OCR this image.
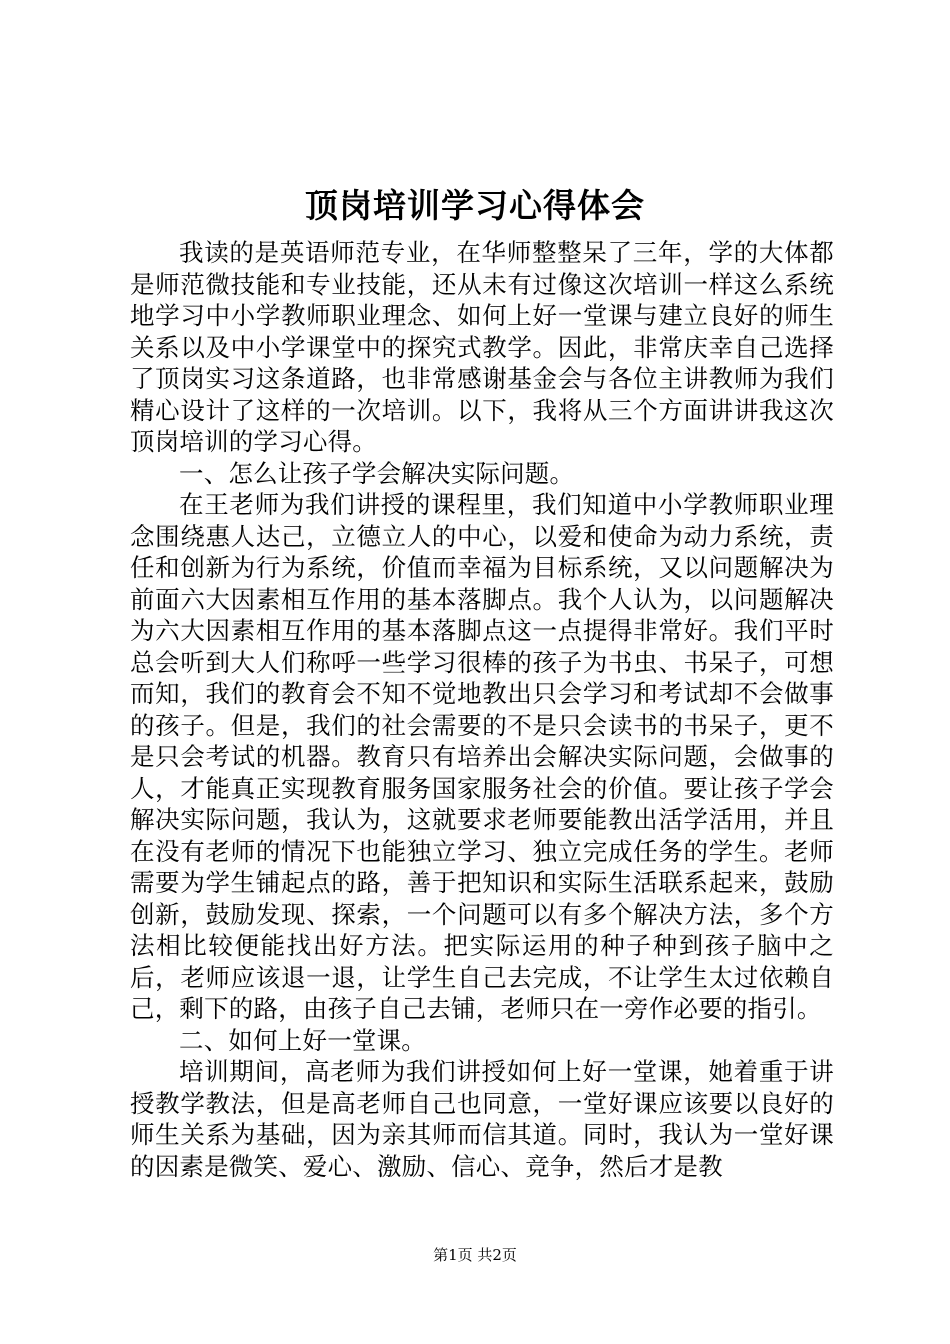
顶岗培训学习心得体会

我读的是英语师范专业，在华师整整呆了三年，学的大体都是师范微技能和专业技能，还从未有过像这次培训一样这么系统地学习中小学教师职业理念、如何上好一堂课与建立良好的师生关系以及中小学课堂中的探究式教学。因此，非常庆幸自己选择了顶岗实习这条道路，也非常感谢基金会与各位主讲教师为我们精心设计了这样的一次培训。以下，我将从三个方面讲讲我这次顶岗培训的学习心得。

一、怎么让孩子学会解决实际问题。

在王老师为我们讲授的课程里，我们知道中小学教师职业理念围绕惠人达己，立德立人的中心，以爱和使命为动力系统，责任和创新为行为系统，价值而幸福为目标系统，又以问题解决为前面六大因素相互作用的基本落脚点。我个人认为，以问题解决为六大因素相互作用的基本落脚点这一点提得非常好。我们平时总会听到大人们称呼一些学习很棒的孩子为书虫、书呆子，可想而知，我们的教育会不知不觉地教出只会学习和考试却不会做事的孩子。但是，我们的社会需要的不是只会读书的书呆子，更不是只会考试的机器。教育只有培养出会解决实际问题，会做事的人，才能真正实现教育服务国家服务社会的价值。要让孩子学会解决实际问题，我认为，这就要求老师要能教出活学活用，并且在没有老师的情况下也能独立学习、独立完成任务的学生。老师需要为学生铺起点的路，善于把知识和实际生活联系起来，鼓励创新，鼓励发现、探索，一个问题可以有多个解决方法，多个方法相比较便能找出好方法。把实际运用的种子种到孩子脑中之后，老师应该退一退，让学生自己去完成，不让学生太过依赖自己，剩下的路，由孩子自己去铺，老师只在一旁作必要的指引。

二、如何上好一堂课。

培训期间，高老师为我们讲授如何上好一堂课，她着重于讲授教学教法，但是高老师自己也同意，一堂好课应该要以良好的师生关系为基础，因为亲其师而信其道。同时，我认为一堂好课的因素是微笑、爱心、激励、信心、竞争，然后才是教

第1页 共2页
